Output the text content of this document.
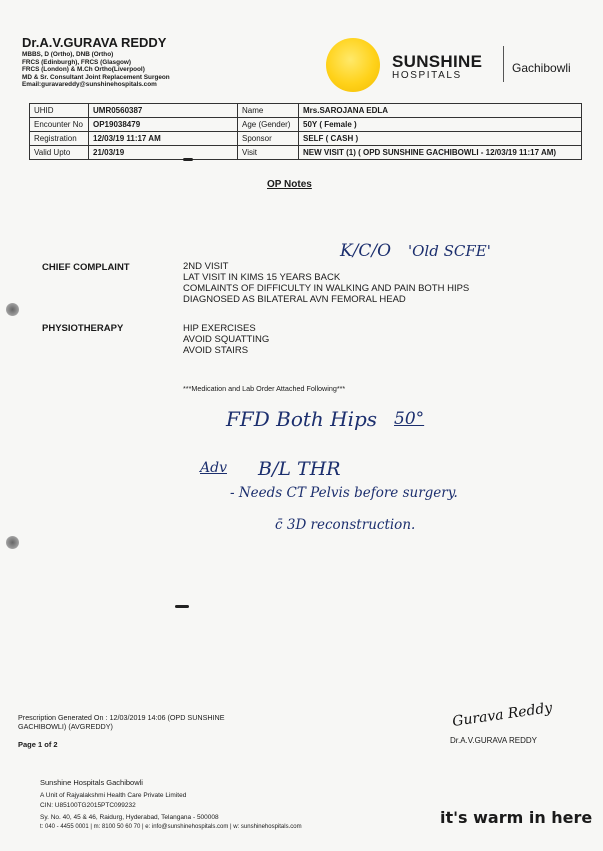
Dr.A.V.GURAVA REDDY
MBBS, D (Ortho), DNB (Ortho)
FRCS (Edinburgh), FRCS (Glasgow)
FRCS (London) & M.Ch Ortho(Liverpool)
MD & Sr. Consultant Joint Replacement Surgeon
Email:guravareddy@sunshinehospitals.com
SUNSHINE
HOSPITALS
Gachibowli
UHID	UMR0560387	Name	Mrs.SAROJANA EDLA
Encounter No	OP19038479	Age (Gender)	50Y ( Female )
Registration	12/03/19 11:17 AM	Sponsor	SELF ( CASH )
Valid Upto	21/03/19	Visit	NEW VISIT (1) ( OPD SUNSHINE GACHIBOWLI - 12/03/19 11:17 AM)
OP Notes
K/C/O 'Old SCFE'
CHIEF COMPLAINT	2ND VISIT
LAT VISIT IN KIMS 15 YEARS BACK
COMLAINTS OF DIFFICULTY IN WALKING AND PAIN BOTH HIPS
DIAGNOSED AS BILATERAL AVN FEMORAL HEAD
PHYSIOTHERAPY	HIP EXERCISES
AVOID SQUATTING
AVOID STAIRS
***Medication and Lab Order Attached Following***
FFD Both Hips 50°
Adv B/L THR
- Needs CT Pelvis before surgery.
c̄ 3D reconstruction.
Prescription Generated On : 12/03/2019 14:06 (OPD SUNSHINE GACHIBOWLI) (AVGREDDY)
Page 1 of 2
Gurava Reddy
Dr.A.V.GURAVA REDDY
Sunshine Hospitals Gachibowli
A Unit of Rajyalakshmi Health Care Private Limited
CIN: U85100TG2015PTC099232
Sy. No. 40, 45 & 46, Raidurg, Hyderabad, Telangana - 500008
t: 040 - 4455 0001 | m: 8100 50 60 70 | e: info@sunshinehospitals.com | w: sunshinehospitals.com	it's warm in here
